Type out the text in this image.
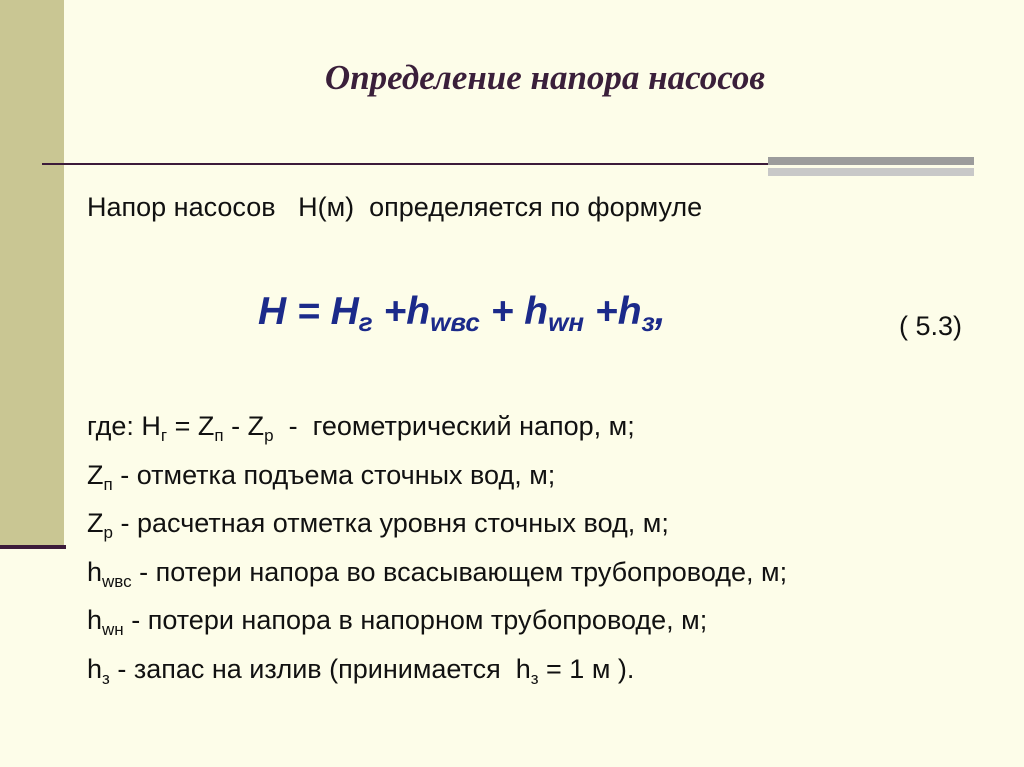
Определение напора насосов
Напор насосов   Н(м)  определяется по формуле
$H = H_г +h_{wвс} + h_{wн} +h_з$,	( 5.3)
где: $Н_г = Z_п - Z_р$  -  геометрический напор, м;
$Z_п$ - отметка подъема сточных вод, м;
$Z_р$ - расчетная отметка уровня сточных вод, м;
$h_{wвс}$ - потери напора во всасывающем трубопроводе, м;
$h_{wн}$ - потери напора в напорном трубопроводе, м;
$h_з$ - запас на излив (принимается  $h_з = 1$ м ).
